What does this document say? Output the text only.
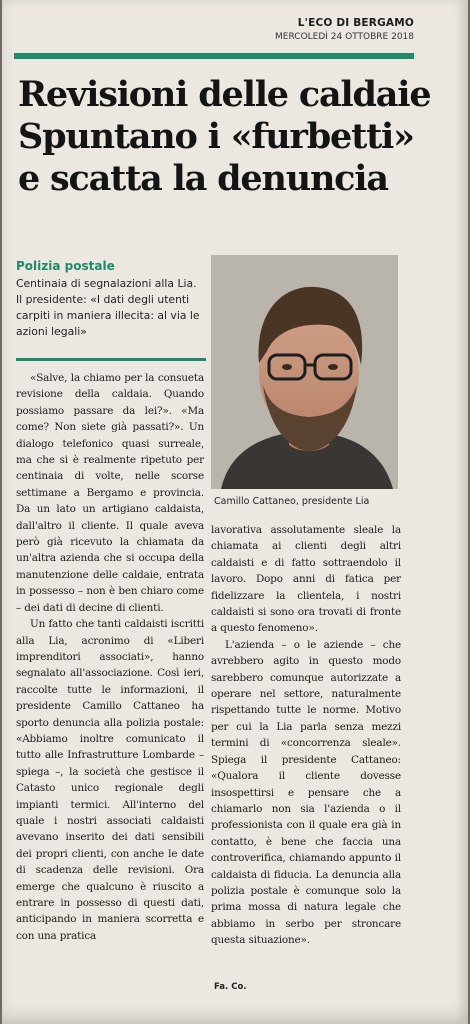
L'ECO DI BERGAMO
MERCOLEDÌ 24 OTTOBRE 2018
Revisioni delle caldaie
Spuntano i «furbetti»
e scatta la denuncia
Polizia postale
Centinaia di segnalazioni alla Lia. Il presidente: «I dati degli utenti carpiti in maniera illecita: al via le azioni legali»
Camillo Cattaneo, presidente Lia

«Salve, la chiamo per la consueta revisione della caldaia. Quando possiamo passare da lei?». «Ma come? Non siete già passati?». Un dialogo telefonico quasi surreale, ma che si è realmente ripetuto per centinaia di volte, nelle scorse settimane a Bergamo e provincia. Da un lato un artigiano caldaista, dall'altro il cliente. Il quale aveva però già ricevuto la chiamata da un'altra azienda che si occupa della manutenzione delle caldaie, entrata in possesso – non è ben chiaro come – dei dati di decine di clienti.

Un fatto che tanti caldaisti iscritti alla Lia, acronimo di «Liberi imprenditori associati», hanno segnalato all'associazione. Così ieri, raccolte tutte le informazioni, il presidente Camillo Cattaneo ha sporto denuncia alla polizia postale: «Abbiamo inoltre comunicato il tutto alle Infrastrutture Lombarde – spiega –, la società che gestisce il Catasto unico regionale degli impianti termici. All'interno del quale i nostri associati caldaisti avevano inserito dei dati sensibili dei propri clienti, con anche le date di scadenza delle revisioni. Ora emerge che qualcuno è riuscito a entrare in possesso di questi dati, anticipando in maniera scorretta e con una pratica

lavorativa assolutamente sleale la chiamata ai clienti degli altri caldaisti e di fatto sottraendolo il lavoro. Dopo anni di fatica per fidelizzare la clientela, i nostri caldaisti si sono ora trovati di fronte a questo fenomeno».

L'azienda – o le aziende – che avrebbero agito in questo modo sarebbero comunque autorizzate a operare nel settore, naturalmente rispettando tutte le norme. Motivo per cui la Lia parla senza mezzi termini di «concorrenza sleale». Spiega il presidente Cattaneo: «Qualora il cliente dovesse insospettirsi e pensare che a chiamarlo non sia l'azienda o il professionista con il quale era già in contatto, è bene che faccia una controverifica, chiamando appunto il caldaista di fiducia. La denuncia alla polizia postale è comunque solo la prima mossa di natura legale che abbiamo in serbo per stroncare questa situazione».

Fa. Co.
